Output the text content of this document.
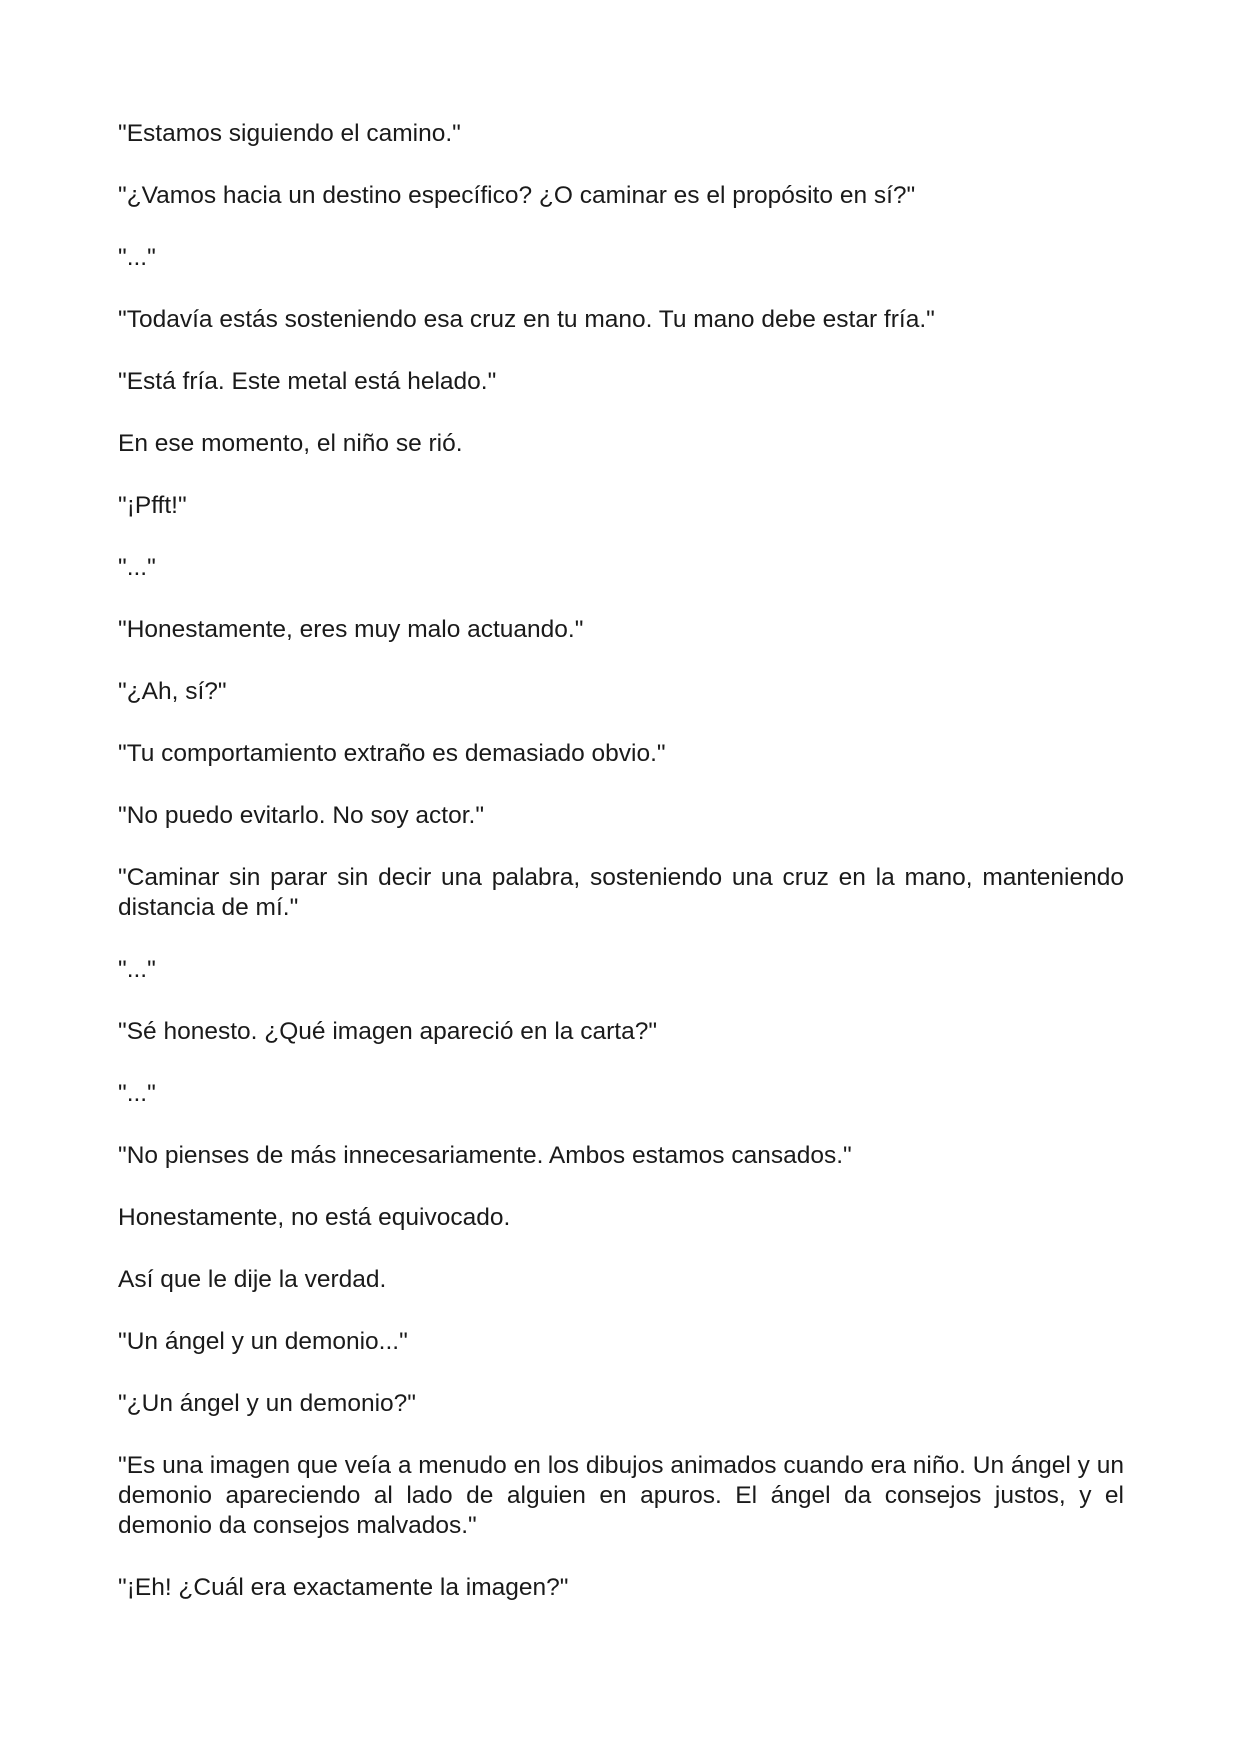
"Estamos siguiendo el camino."

"¿Vamos hacia un destino específico? ¿O caminar es el propósito en sí?"

"..."

"Todavía estás sosteniendo esa cruz en tu mano. Tu mano debe estar fría."

"Está fría. Este metal está helado."

En ese momento, el niño se rió.

"¡Pfft!"

"..."

"Honestamente, eres muy malo actuando."

"¿Ah, sí?"

"Tu comportamiento extraño es demasiado obvio."

"No puedo evitarlo. No soy actor."

"Caminar sin parar sin decir una palabra, sosteniendo una cruz en la mano, manteniendo distancia de mí."

"..."

"Sé honesto. ¿Qué imagen apareció en la carta?"

"..."

"No pienses de más innecesariamente. Ambos estamos cansados."

Honestamente, no está equivocado.

Así que le dije la verdad.

"Un ángel y un demonio..."

"¿Un ángel y un demonio?"

"Es una imagen que veía a menudo en los dibujos animados cuando era niño. Un ángel y un demonio apareciendo al lado de alguien en apuros. El ángel da consejos justos, y el demonio da consejos malvados."

"¡Eh! ¿Cuál era exactamente la imagen?"
